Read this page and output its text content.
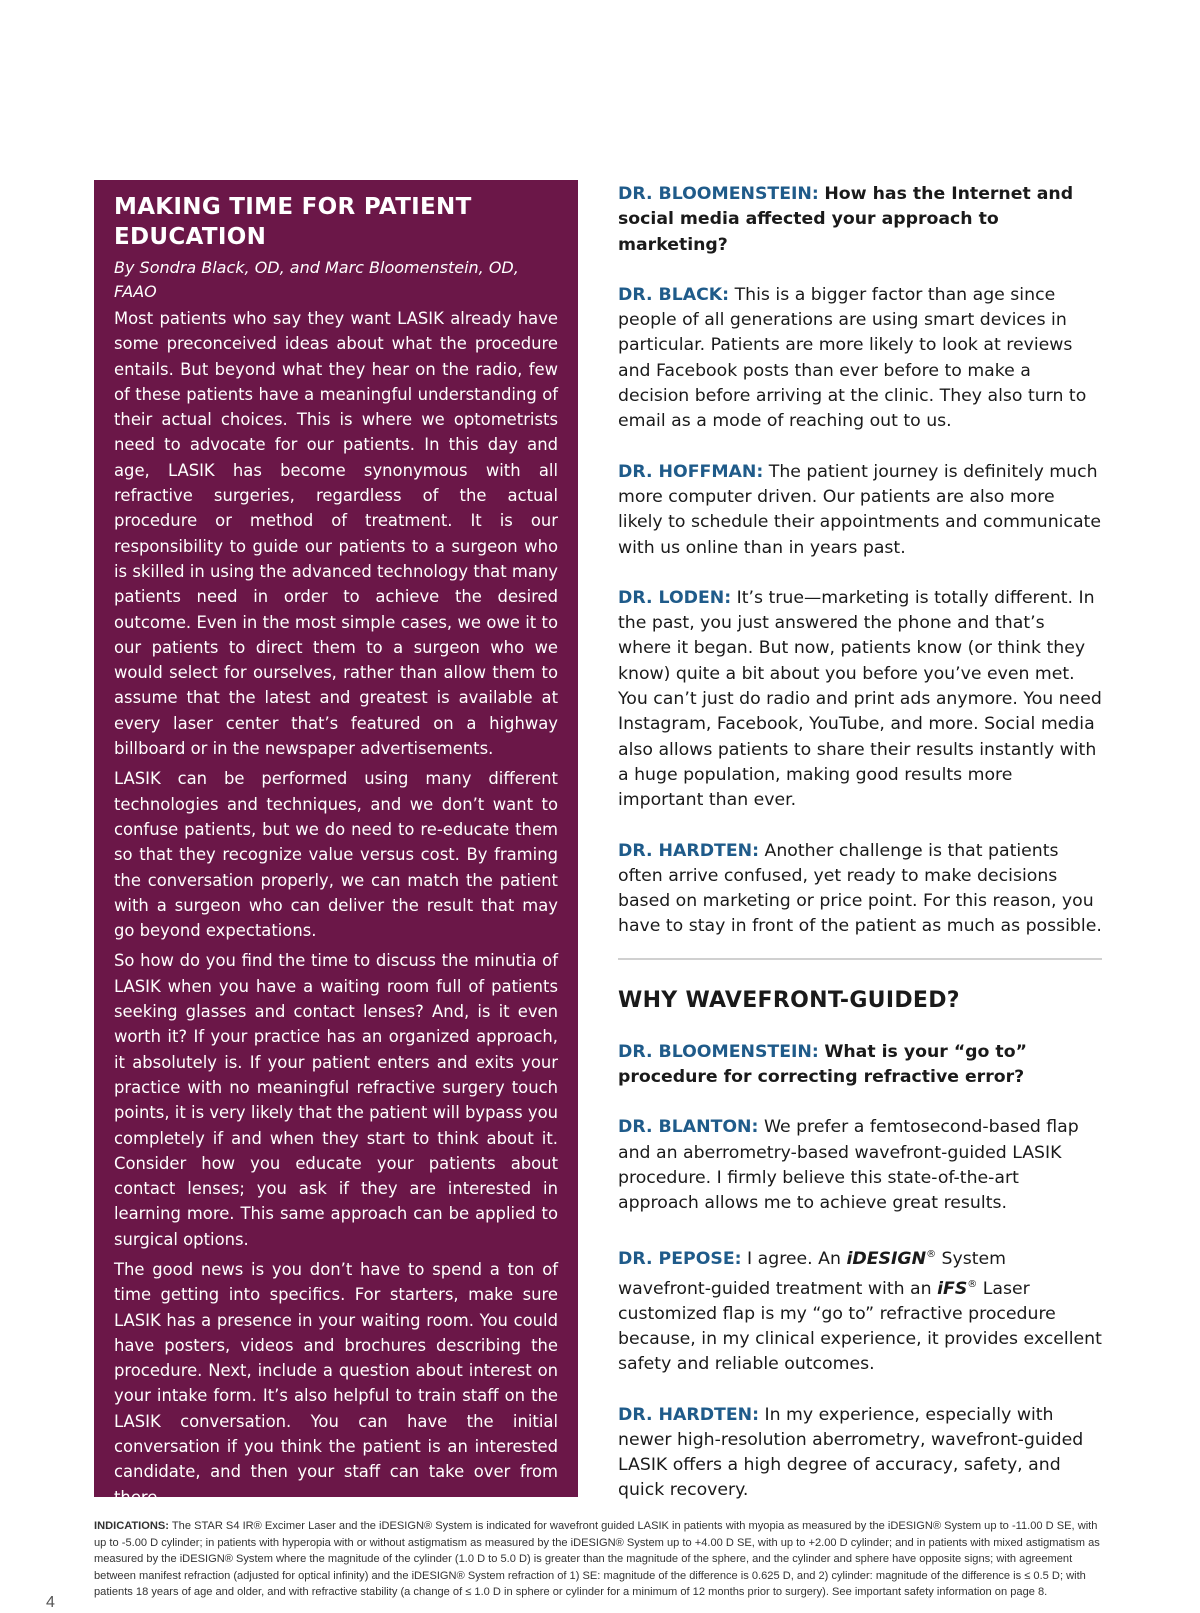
MAKING TIME FOR PATIENT EDUCATION
By Sondra Black, OD, and Marc Bloomenstein, OD, FAAO

Most patients who say they want LASIK already have some preconceived ideas about what the procedure entails. But beyond what they hear on the radio, few of these patients have a meaningful understanding of their actual choices. This is where we optometrists need to advocate for our patients. In this day and age, LASIK has become synonymous with all refractive surgeries, regardless of the actual procedure or method of treatment. It is our responsibility to guide our patients to a surgeon who is skilled in using the advanced technology that many patients need in order to achieve the desired outcome. Even in the most simple cases, we owe it to our patients to direct them to a surgeon who we would select for ourselves, rather than allow them to assume that the latest and greatest is available at every laser center that’s featured on a highway billboard or in the newspaper advertisements.

LASIK can be performed using many different technologies and techniques, and we don’t want to confuse patients, but we do need to re-educate them so that they recognize value versus cost. By framing the conversation properly, we can match the patient with a surgeon who can deliver the result that may go beyond expectations.

So how do you find the time to discuss the minutia of LASIK when you have a waiting room full of patients seeking glasses and contact lenses? And, is it even worth it? If your practice has an organized approach, it absolutely is. If your patient enters and exits your practice with no meaningful refractive surgery touch points, it is very likely that the patient will bypass you completely if and when they start to think about it. Consider how you educate your patients about contact lenses; you ask if they are interested in learning more. This same approach can be applied to surgical options.

The good news is you don’t have to spend a ton of time getting into specifics. For starters, make sure LASIK has a presence in your waiting room. You could have posters, videos and brochures describing the procedure. Next, include a question about interest on your intake form. It’s also helpful to train staff on the LASIK conversation. You can have the initial conversation if you think the patient is an interested candidate, and then your staff can take over from there.

DR. BLOOMENSTEIN: How has the Internet and social media affected your approach to marketing?

DR. BLACK: This is a bigger factor than age since people of all generations are using smart devices in particular. Patients are more likely to look at reviews and Facebook posts than ever before to make a decision before arriving at the clinic. They also turn to email as a mode of reaching out to us.

DR. HOFFMAN: The patient journey is definitely much more computer driven. Our patients are also more likely to schedule their appointments and communicate with us online than in years past.

DR. LODEN: It’s true—marketing is totally different. In the past, you just answered the phone and that’s where it began. But now, patients know (or think they know) quite a bit about you before you’ve even met. You can’t just do radio and print ads anymore. You need Instagram, Facebook, YouTube, and more. Social media also allows patients to share their results instantly with a huge population, making good results more important than ever.

DR. HARDTEN: Another challenge is that patients often arrive confused, yet ready to make decisions based on marketing or price point. For this reason, you have to stay in front of the patient as much as possible.

WHY WAVEFRONT-GUIDED?

DR. BLOOMENSTEIN: What is your “go to” procedure for correcting refractive error?

DR. BLANTON: We prefer a femtosecond-based flap and an aberrometry-based wavefront-guided LASIK procedure. I firmly believe this state-of-the-art approach allows me to achieve great results.

DR. PEPOSE: I agree. An iDESIGN® System wavefront-guided treatment with an iFS® Laser customized flap is my “go to” refractive procedure because, in my clinical experience, it provides excellent safety and reliable outcomes.

DR. HARDTEN: In my experience, especially with newer high-resolution aberrometry, wavefront-guided LASIK offers a high degree of accuracy, safety, and quick recovery.

INDICATIONS: The STAR S4 IR® Excimer Laser and the iDESIGN® System is indicated for wavefront guided LASIK in patients with myopia as measured by the iDESIGN® System up to -11.00 D SE, with up to -5.00 D cylinder; in patients with hyperopia with or without astigmatism as measured by the iDESIGN® System up to +4.00 D SE, with up to +2.00 D cylinder; and in patients with mixed astigmatism as measured by the iDESIGN® System where the magnitude of the cylinder (1.0 D to 5.0 D) is greater than the magnitude of the sphere, and the cylinder and sphere have opposite signs; with agreement between manifest refraction (adjusted for optical infinity) and the iDESIGN® System refraction of 1) SE: magnitude of the difference is 0.625 D, and 2) cylinder: magnitude of the difference is ≤ 0.5 D; with patients 18 years of age and older, and with refractive stability (a change of ≤ 1.0 D in sphere or cylinder for a minimum of 12 months prior to surgery). See important safety information on page 8.
4
